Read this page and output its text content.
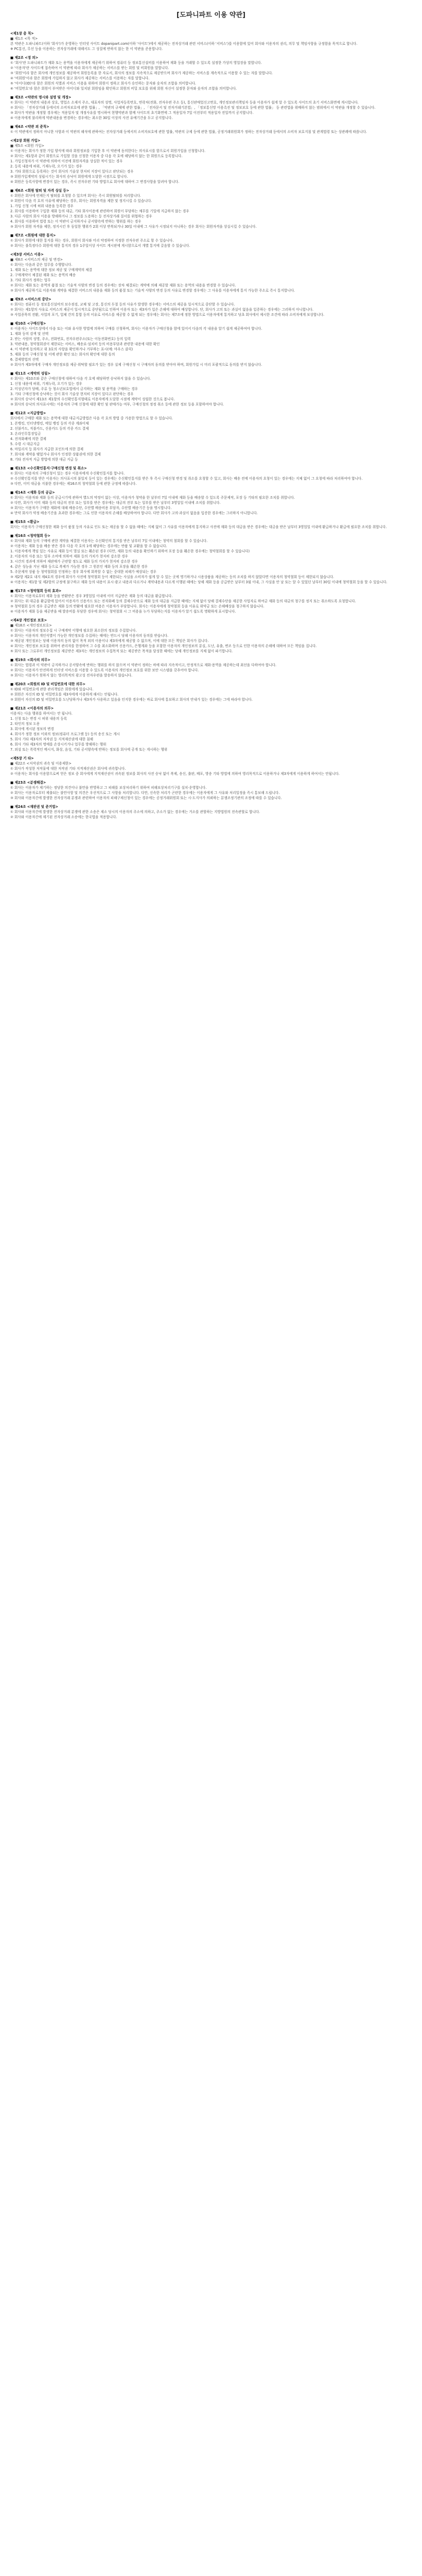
[도파니파트 이용 약관]
<제1장 총 칙>
■ 제1조 <목 적>
본 약관은 도파니파트(이하 '회사')가 운영하는 인터넷 사이트 dopanipart.com(이하 '사이트')에서 제공하는 전자상거래 관련 서비스(이하 '서비스')를 이용함에 있어 회사와 이용자의 권리, 의무 및 책임사항을 규정함을 목적으로 합니다.
※ PC통신, 무선 등을 이용하는 전자상거래에 대해서도 그 성질에 반하지 않는 한 이 약관을 준용합니다.
■ 제2조 <정 의>
① '회사'란 도파니파트가 재화 또는 용역을 이용자에게 제공하기 위하여 컴퓨터 등 정보통신설비를 이용하여 재화 등을 거래할 수 있도록 설정한 가상의 영업장을 말합니다.
② '이용자'란 사이트에 접속하여 이 약관에 따라 회사가 제공하는 서비스를 받는 회원 및 비회원을 말합니다.
③ '회원'이라 함은 회사에 개인정보를 제공하여 회원등록을 한 자로서, 회사의 정보를 지속적으로 제공받으며 회사가 제공하는 서비스를 계속적으로 이용할 수 있는 자를 말합니다.
④ '비회원'이라 함은 회원에 가입하지 않고 회사가 제공하는 서비스를 이용하는 자를 말합니다.
⑤ '아이디(ID)'라 함은 회원의 식별과 서비스 이용을 위하여 회원이 정하고 회사가 승인하는 문자와 숫자의 조합을 의미합니다.
⑥ '비밀번호'라 함은 회원이 부여받은 아이디와 일치된 회원임을 확인하고 회원의 비밀 보호를 위해 회원 자신이 설정한 문자와 숫자의 조합을 의미합니다.
■ 제3조 <약관의 명시와 설명 및 개정>
① 회사는 이 약관의 내용과 상호, 영업소 소재지 주소, 대표자의 성명, 사업자등록번호, 연락처(전화, 전자우편 주소 등), 통신판매업신고번호, 개인정보관리책임자 등을 이용자가 쉽게 알 수 있도록 사이트의 초기 서비스화면에 게시합니다.
② 회사는 「전자상거래 등에서의 소비자보호에 관한 법률」, 「약관의 규제에 관한 법률」, 「전자문서 및 전자거래기본법」, 「정보통신망 이용촉진 및 정보보호 등에 관한 법률」 등 관련법을 위배하지 않는 범위에서 이 약관을 개정할 수 있습니다.
③ 회사가 약관을 개정할 경우에는 적용일자 및 개정사유를 명시하여 현행약관과 함께 사이트의 초기화면에 그 적용일자 7일 이전부터 적용일자 전일까지 공지합니다.
④ 이용자에게 불리하게 약관내용을 변경하는 경우에는 최소한 30일 이상의 사전 유예기간을 두고 공지합니다.
■ 제4조 <약관 외 준칙>
① 이 약관에서 정하지 아니한 사항과 이 약관의 해석에 관하여는 전자상거래 등에서의 소비자보호에 관한 법률, 약관의 규제 등에 관한 법률, 공정거래위원회가 정하는 전자상거래 등에서의 소비자 보호지침 및 관계법령 또는 상관례에 따릅니다.
<제2장 회원 가입>
■ 제5조 <회원 가입>
① 이용자는 회사가 정한 가입 양식에 따라 회원정보를 기입한 후 이 약관에 동의한다는 의사표시를 함으로서 회원가입을 신청합니다.
② 회사는 제1항과 같이 회원으로 가입할 것을 신청한 이용자 중 다음 각 호에 해당하지 않는 한 회원으로 등록합니다.
1. 가입신청자가 이 약관에 의하여 이전에 회원자격을 상실한 적이 있는 경우
2. 등록 내용에 허위, 기재누락, 오기가 있는 경우
3. 기타 회원으로 등록하는 것이 회사의 기술상 현저히 지장이 있다고 판단되는 경우
③ 회원가입계약의 성립시기는 회사의 승낙이 회원에게 도달한 시점으로 합니다.
④ 회원은 등록사항에 변경이 있는 경우, 즉시 전자우편 기타 방법으로 회사에 대하여 그 변경사항을 알려야 합니다.
■ 제6조 <회원 탈퇴 및 자격 상실 등>
① 회원은 회사에 언제든지 탈퇴를 요청할 수 있으며 회사는 즉시 회원탈퇴를 처리합니다.
② 회원이 다음 각 호의 사유에 해당하는 경우, 회사는 회원자격을 제한 및 정지시킬 수 있습니다.
1. 가입 신청 시에 허위 내용을 등록한 경우
2. 회사를 이용하여 구입한 재화 등의 대금, 기타 회사이용에 관련하여 회원이 부담하는 채무를 기일에 지급하지 않는 경우
3. 다른 사람의 회사 이용을 방해하거나 그 정보를 도용하는 등 전자상거래 질서를 위협하는 경우
4. 회사를 이용하여 법령 또는 이 약관이 금지하거나 공서양속에 반하는 행위를 하는 경우
③ 회사가 회원 자격을 제한, 정지시킨 후 동일한 행위가 2회 이상 반복되거나 30일 이내에 그 사유가 시정되지 아니하는 경우 회사는 회원자격을 상실시킬 수 있습니다.
■ 제7조 <회원에 대한 통지>
① 회사가 회원에 대한 통지를 하는 경우, 회원이 회사와 미리 약정하여 지정한 전자우편 주소로 할 수 있습니다.
② 회사는 불특정다수 회원에 대한 통지의 경우 1주일이상 사이트 게시판에 게시함으로서 개별 통지에 갈음할 수 있습니다.
<제3장 서비스 이용>
■ 제8조 <서비스의 제공 및 변경>
① 회사는 다음과 같은 업무를 수행합니다.
1. 재화 또는 용역에 대한 정보 제공 및 구매계약의 체결
2. 구매계약이 체결된 재화 또는 용역의 배송
3. 기타 회사가 정하는 업무
② 회사는 재화 또는 용역의 품절 또는 기술적 사양의 변경 등의 경우에는 장차 체결되는 계약에 의해 제공할 재화 또는 용역의 내용을 변경할 수 있습니다.
③ 회사가 제공하기로 이용자와 계약을 체결한 서비스의 내용을 재화 등의 품절 또는 기술적 사양의 변경 등의 사유로 변경할 경우에는 그 사유를 이용자에게 통지 가능한 주소로 즉시 통지합니다.
■ 제9조 <서비스의 중단>
① 회사는 컴퓨터 등 정보통신설비의 보수점검, 교체 및 고장, 통신의 두절 등의 사유가 발생한 경우에는 서비스의 제공을 일시적으로 중단할 수 있습니다.
② 회사는 제1항의 사유로 서비스의 제공이 일시적으로 중단됨으로 인하여 이용자 또는 제3자가 입은 손해에 대하여 배상합니다. 단, 회사가 고의 또는 과실이 없음을 입증하는 경우에는 그러하지 아니합니다.
③ 사업종목의 전환, 사업의 포기, 업체 간의 통합 등의 이유로 서비스를 제공할 수 없게 되는 경우에는 회사는 제7조에 정한 방법으로 이용자에게 통지하고 당초 회사에서 제시한 조건에 따라 소비자에게 보상합니다.
■ 제10조 <구매신청>
① 이용자는 사이트상에서 다음 또는 이와 유사한 방법에 의하여 구매를 신청하며, 회사는 이용자가 구매신청을 함에 있어서 다음의 각 내용을 알기 쉽게 제공하여야 합니다.
1. 재화 등의 검색 및 선택
2. 받는 사람의 성명, 주소, 전화번호, 전자우편주소(또는 이동전화번호) 등의 입력
3. 약관내용, 청약철회권이 제한되는 서비스, 배송료·설치비 등의 비용부담과 관련한 내용에 대한 확인
4. 이 약관에 동의하고 위 3호의 사항을 확인하거나 거부하는 표시(예: 마우스 클릭)
5. 재화 등의 구매신청 및 이에 관한 확인 또는 회사의 확인에 대한 동의
6. 결제방법의 선택
② 회사가 제3자에게 구매자 개인정보를 제공·위탁할 필요가 있는 경우 실제 구매신청 시 구매자의 동의를 받아야 하며, 회원가입 시 미리 포괄적으로 동의를 받지 않습니다.
■ 제11조 <계약의 성립>
① 회사는 제10조와 같은 구매신청에 대하여 다음 각 호에 해당하면 승낙하지 않을 수 있습니다.
1. 신청 내용에 허위, 기재누락, 오기가 있는 경우
2. 미성년자가 담배, 주류 등 청소년보호법에서 금지하는 재화 및 용역을 구매하는 경우
3. 기타 구매신청에 승낙하는 것이 회사 기술상 현저히 지장이 있다고 판단하는 경우
② 회사의 승낙이 제13조 제1항의 수신확인통지형태로 이용자에게 도달한 시점에 계약이 성립한 것으로 봅니다.
③ 회사의 승낙의 의사표시에는 이용자의 구매 신청에 대한 확인 및 판매가능 여부, 구매신청의 정정 취소 등에 관한 정보 등을 포함하여야 합니다.
■ 제12조 <지급방법>
회사에서 구매한 재화 또는 용역에 대한 대금지급방법은 다음 각 호의 방법 중 가용한 방법으로 할 수 있습니다.
1. 폰뱅킹, 인터넷뱅킹, 메일 뱅킹 등의 각종 계좌이체
2. 선불카드, 직불카드, 신용카드 등의 각종 카드 결제
3. 온라인무통장입금
4. 전자화폐에 의한 결제
5. 수령 시 대금지급
6. 마일리지 등 회사가 지급한 포인트에 의한 결제
7. 회사와 계약을 맺었거나 회사가 인정한 상품권에 의한 결제
8. 기타 전자적 지급 방법에 의한 대금 지급 등
■ 제13조 <수신확인통지·구매신청 변경 및 취소>
① 회사는 이용자의 구매신청이 있는 경우 이용자에게 수신확인통지를 합니다.
② 수신확인통지를 받은 이용자는 의사표시의 불일치 등이 있는 경우에는 수신확인통지를 받은 후 즉시 구매신청 변경 및 취소를 요청할 수 있고, 회사는 배송 전에 이용자의 요청이 있는 경우에는 지체 없이 그 요청에 따라 처리하여야 합니다.
③ 다만, 이미 대금을 지불한 경우에는 제16조의 청약철회 등에 관한 규정에 따릅니다.
■ 제14조 <재화 등의 공급>
① 회사는 이용자와 재화 등의 공급시기에 관하여 별도의 약정이 없는 이상, 이용자가 청약을 한 날부터 7일 이내에 재화 등을 배송할 수 있도록 주문제작, 포장 등 기타의 필요한 조치를 취합니다.
② 다만, 회사가 이미 재화 등의 대금의 전부 또는 일부를 받은 경우에는 대금의 전부 또는 일부를 받은 날부터 3영업일 이내에 조치를 취합니다.
③ 회사는 이용자가 구매한 재화에 대해 배송수단, 수단별 배송비용 부담자, 수단별 배송기간 등을 명시합니다.
④ 만약 회사가 약정 배송기간을 초과한 경우에는 그로 인한 이용자의 손해를 배상하여야 합니다. 다만 회사가 고의·과실이 없음을 입증한 경우에는 그러하지 아니합니다.
■ 제15조 <환급>
회사는 이용자가 구매신청한 재화 등이 품절 등의 사유로 인도 또는 제공을 할 수 없을 때에는 지체 없이 그 사유를 이용자에게 통지하고 사전에 재화 등의 대금을 받은 경우에는 대금을 받은 날부터 3영업일 이내에 환급하거나 환급에 필요한 조치를 취합니다.
■ 제16조 <청약철회 등>
① 회사와 재화 등의 구매에 관한 계약을 체결한 이용자는 수신확인의 통지를 받은 날부터 7일 이내에는 청약의 철회를 할 수 있습니다.
② 이용자는 재화 등을 배송 받은 경우 다음 각 호의 1에 해당하는 경우에는 반품 및 교환을 할 수 없습니다.
1. 이용자에게 책임 있는 사유로 재화 등이 멸실 또는 훼손된 경우 (다만, 재화 등의 내용을 확인하기 위하여 포장 등을 훼손한 경우에는 청약철회를 할 수 있습니다)
2. 이용자의 사용 또는 일부 소비에 의하여 재화 등의 가치가 현저히 감소한 경우
3. 시간의 경과에 의하여 재판매가 곤란할 정도로 재화 등의 가치가 현저히 감소한 경우
4. 같은 성능을 지닌 재화 등으로 복제가 가능한 경우 그 원본인 재화 등의 포장을 훼손한 경우
5. 주문제작 상품 등 청약철회를 인정하는 경우 회사에 회복할 수 없는 중대한 피해가 예상되는 경우
③ 제2항 제2호 내지 제4호의 경우에 회사가 사전에 청약철회 등이 제한되는 사실을 소비자가 쉽게 알 수 있는 곳에 명기하거나 시용상품을 제공하는 등의 조치를 하지 않았다면 이용자의 청약철회 등이 제한되지 않습니다.
④ 이용자는 제1항 및 제2항의 규정에 불구하고 재화 등의 내용이 표시·광고 내용과 다르거나 계약내용과 다르게 이행된 때에는 당해 재화 등을 공급받은 날부터 3월 이내, 그 사실을 안 날 또는 알 수 있었던 날부터 30일 이내에 청약철회 등을 할 수 있습니다.
■ 제17조 <청약철회 등의 효과>
① 회사는 이용자로부터 재화 등을 반환받은 경우 3영업일 이내에 이미 지급받은 재화 등의 대금을 환급합니다.
② 회사는 위 대금을 환급함에 있어서 이용자가 신용카드 또는 전자화폐 등의 결제수단으로 재화 등의 대금을 지급한 때에는 지체 없이 당해 결제수단을 제공한 사업자로 하여금 재화 등의 대금의 청구를 정지 또는 취소하도록 요청합니다.
③ 청약철회 등의 경우 공급받은 재화 등의 반환에 필요한 비용은 이용자가 부담합니다. 회사는 이용자에게 청약철회 등을 이유로 위약금 또는 손해배상을 청구하지 않습니다.
④ 이용자가 재화 등을 제공받을 때 발송비를 부담한 경우에 회사는 청약철회 시 그 비용을 누가 부담하는지를 이용자가 알기 쉽도록 명확하게 표시합니다.
<제4장 개인정보 보호>
■ 제18조 <개인정보보호>
① 회사는 이용자의 정보수집 시 구매계약 이행에 필요한 최소한의 정보를 수집합니다.
② 회사는 이용자의 개인식별이 가능한 개인정보를 수집하는 때에는 반드시 당해 이용자의 동의를 받습니다.
③ 제공된 개인정보는 당해 이용자의 동의 없이 목적 외의 이용이나 제3자에게 제공할 수 없으며, 이에 대한 모든 책임은 회사가 집니다.
④ 회사는 개인정보 보호를 위하여 관리자를 한정하여 그 수를 최소화하며 신용카드, 은행계좌 등을 포함한 이용자의 개인정보의 분실, 도난, 유출, 변조 등으로 인한 이용자의 손해에 대하여 모든 책임을 집니다.
⑤ 회사 또는 그로부터 개인정보를 제공받은 제3자는 개인정보의 수집목적 또는 제공받은 목적을 달성한 때에는 당해 개인정보를 지체 없이 파기합니다.
■ 제19조 <회사의 의무>
① 회사는 법령과 이 약관이 금지하거나 공서양속에 반하는 행위를 하지 않으며 이 약관이 정하는 바에 따라 지속적이고, 안정적으로 재화·용역을 제공하는데 최선을 다하여야 합니다.
② 회사는 이용자가 안전하게 인터넷 서비스를 이용할 수 있도록 이용자의 개인정보 보호를 위한 보안 시스템을 갖추어야 합니다.
③ 회사는 이용자가 원하지 않는 영리목적의 광고성 전자우편을 발송하지 않습니다.
■ 제20조 <회원의 ID 및 비밀번호에 대한 의무>
① ID와 비밀번호에 관한 관리책임은 회원에게 있습니다.
② 회원은 자신의 ID 및 비밀번호를 제3자에게 이용하게 해서는 안됩니다.
③ 회원이 자신의 ID 및 비밀번호를 도난당하거나 제3자가 사용하고 있음을 인지한 경우에는 바로 회사에 통보하고 회사의 안내가 있는 경우에는 그에 따라야 합니다.
■ 제21조 <이용자의 의무>
이용자는 다음 행위를 하여서는 안 됩니다.
1. 신청 또는 변경 시 허위 내용의 등록
2. 타인의 정보 도용
3. 회사에 게시된 정보의 변경
4. 회사가 정한 정보 이외의 정보(컴퓨터 프로그램 등) 등의 송신 또는 게시
5. 회사 기타 제3자의 저작권 등 지적재산권에 대한 침해
6. 회사 기타 제3자의 명예를 손상시키거나 업무를 방해하는 행위
7. 외설 또는 폭력적인 메시지, 화상, 음성, 기타 공서양속에 반하는 정보를 회사에 공개 또는 게시하는 행위
<제5장 기 타>
■ 제22조 <저작권의 귀속 및 이용제한>
① 회사가 작성한 저작물에 대한 저작권 기타 지적재산권은 회사에 귀속합니다.
② 이용자는 회사를 이용함으로써 얻은 정보 중 회사에게 지적재산권이 귀속된 정보를 회사의 사전 승낙 없이 복제, 송신, 출판, 배포, 방송 기타 방법에 의하여 영리목적으로 이용하거나 제3자에게 이용하게 하여서는 안됩니다.
■ 제23조 <분쟁해결>
① 회사는 이용자가 제기하는 정당한 의견이나 불만을 반영하고 그 피해를 보상처리하기 위하여 피해보상처리기구를 설치·운영합니다.
② 회사는 이용자로부터 제출되는 불만사항 및 의견은 우선적으로 그 사항을 처리합니다. 다만, 신속한 처리가 곤란한 경우에는 이용자에게 그 사유와 처리일정을 즉시 통보해 드립니다.
③ 회사와 이용자간에 발생한 전자상거래 분쟁과 관련하여 이용자의 피해구제신청이 있는 경우에는 공정거래위원회 또는 시·도지사가 의뢰하는 분쟁조정기관의 조정에 따를 수 있습니다.
■ 제24조 <재판권 및 준거법>
① 회사와 이용자간에 발생한 전자상거래 분쟁에 관한 소송은 제소 당시의 이용자의 주소에 의하고, 주소가 없는 경우에는 거소를 관할하는 지방법원의 전속관할로 합니다.
② 회사와 이용자간에 제기된 전자상거래 소송에는 한국법을 적용합니다.
